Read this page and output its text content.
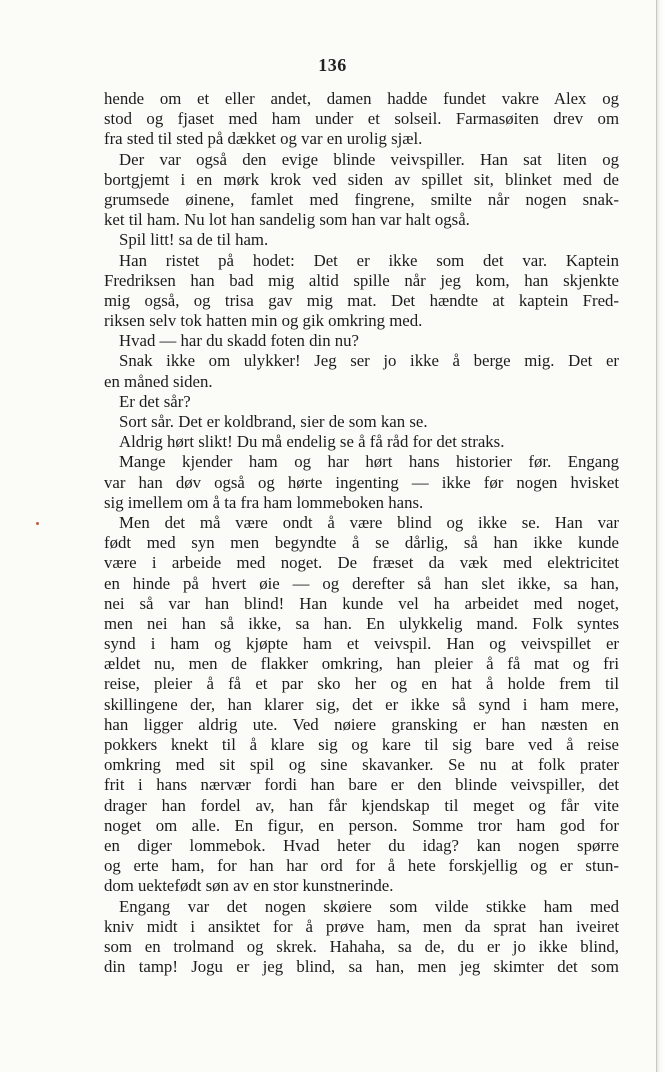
136
hende om et eller andet, damen hadde fundet vakre Alex og
stod og fjaset med ham under et solseil. Farmasøiten drev om
fra sted til sted på dækket og var en urolig sjæl.
Der var også den evige blinde veivspiller. Han sat liten og
bortgjemt i en mørk krok ved siden av spillet sit, blinket med de
grumsede øinene, famlet med fingrene, smilte når nogen snak-
ket til ham. Nu lot han sandelig som han var halt også.
Spil litt! sa de til ham.
Han ristet på hodet: Det er ikke som det var. Kaptein
Fredriksen han bad mig altid spille når jeg kom, han skjenkte
mig også, og trisa gav mig mat. Det hændte at kaptein Fred-
riksen selv tok hatten min og gik omkring med.
Hvad — har du skadd foten din nu?
Snak ikke om ulykker! Jeg ser jo ikke å berge mig. Det er
en måned siden.
Er det sår?
Sort sår. Det er koldbrand, sier de som kan se.
Aldrig hørt slikt! Du må endelig se å få råd for det straks.
Mange kjender ham og har hørt hans historier før. Engang
var han døv også og hørte ingenting — ikke før nogen hvisket
sig imellem om å ta fra ham lommeboken hans.
Men det må være ondt å være blind og ikke se. Han var
født med syn men begyndte å se dårlig, så han ikke kunde
være i arbeide med noget. De fræset da væk med elektricitet
en hinde på hvert øie — og derefter så han slet ikke, sa han,
nei så var han blind! Han kunde vel ha arbeidet med noget,
men nei han så ikke, sa han. En ulykkelig mand. Folk syntes
synd i ham og kjøpte ham et veivspil. Han og veivspillet er
ældet nu, men de flakker omkring, han pleier å få mat og fri
reise, pleier å få et par sko her og en hat å holde frem til
skillingene der, han klarer sig, det er ikke så synd i ham mere,
han ligger aldrig ute. Ved nøiere gransking er han næsten en
pokkers knekt til å klare sig og kare til sig bare ved å reise
omkring med sit spil og sine skavanker. Se nu at folk prater
frit i hans nærvær fordi han bare er den blinde veivspiller, det
drager han fordel av, han får kjendskap til meget og får vite
noget om alle. En figur, en person. Somme tror ham god for
en diger lommebok. Hvad heter du idag? kan nogen spørre
og erte ham, for han har ord for å hete forskjellig og er stun-
dom uektefødt søn av en stor kunstnerinde.
Engang var det nogen skøiere som vilde stikke ham med
kniv midt i ansiktet for å prøve ham, men da sprat han iveiret
som en trolmand og skrek. Hahaha, sa de, du er jo ikke blind,
din tamp! Jogu er jeg blind, sa han, men jeg skimter det som
